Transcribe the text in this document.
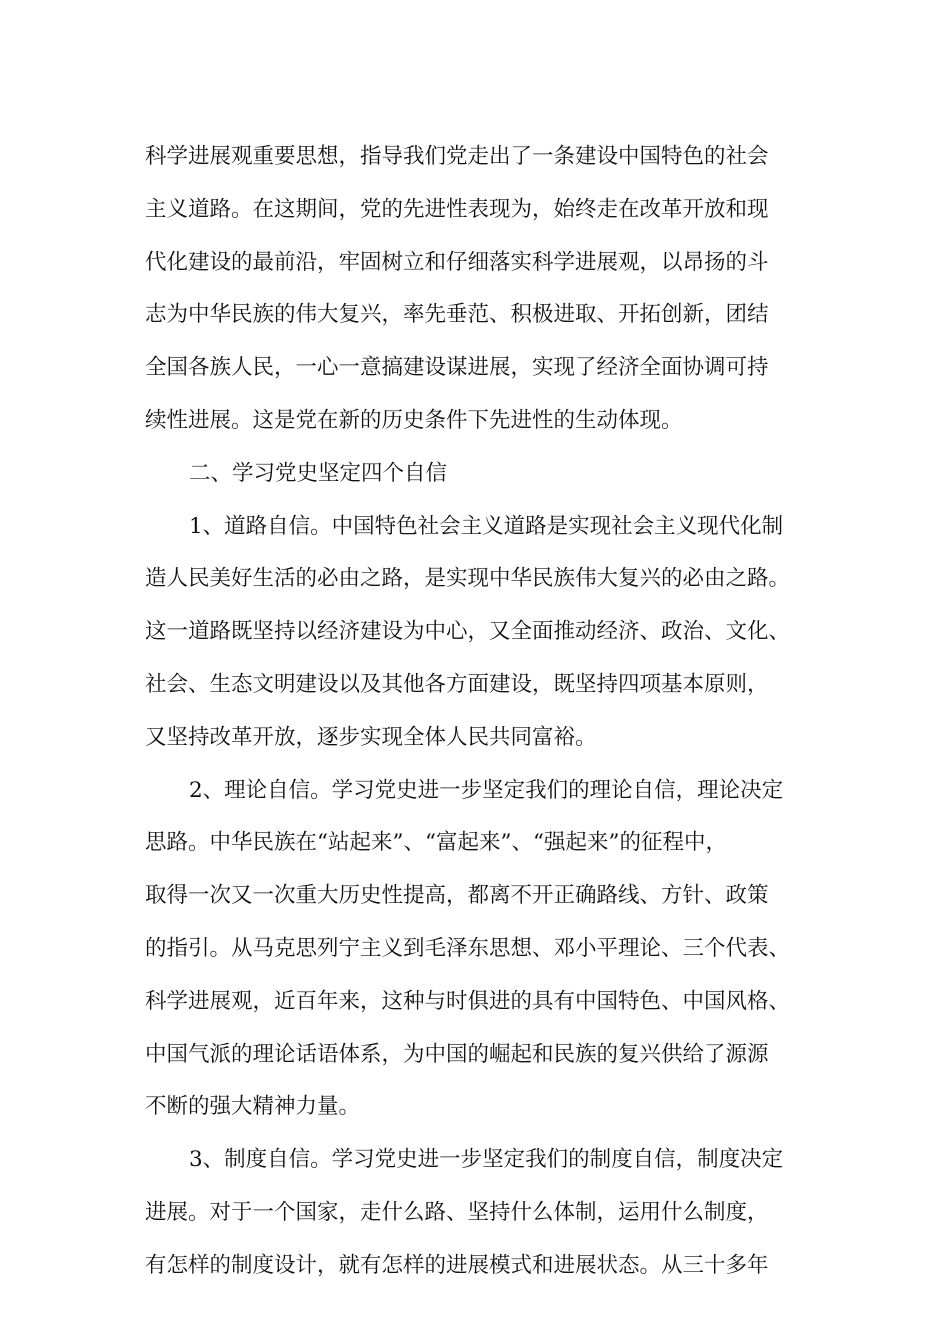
科学进展观重要思想，指导我们党走出了一条建设中国特色的社会
主义道路。在这期间，党的先进性表现为，始终走在改革开放和现
代化建设的最前沿，牢固树立和仔细落实科学进展观，以昂扬的斗
志为中华民族的伟大复兴，率先垂范、积极进取、开拓创新，团结
全国各族人民，一心一意搞建设谋进展，实现了经济全面协调可持
续性进展。这是党在新的历史条件下先进性的生动体现。
二、学习党史坚定四个自信
1、道路自信。中国特色社会主义道路是实现社会主义现代化制
造人民美好生活的必由之路，是实现中华民族伟大复兴的必由之路。
这一道路既坚持以经济建设为中心，又全面推动经济、政治、文化、
社会、生态文明建设以及其他各方面建设，既坚持四项基本原则，
又坚持改革开放，逐步实现全体人民共同富裕。
2、理论自信。学习党史进一步坚定我们的理论自信，理论决定
思路。中华民族在“站起来”、“富起来”、“强起来”的征程中，
取得一次又一次重大历史性提高，都离不开正确路线、方针、政策
的指引。从马克思列宁主义到毛泽东思想、邓小平理论、三个代表、
科学进展观，近百年来，这种与时俱进的具有中国特色、中国风格、
中国气派的理论话语体系，为中国的崛起和民族的复兴供给了源源
不断的强大精神力量。
3、制度自信。学习党史进一步坚定我们的制度自信，制度决定
进展。对于一个国家，走什么路、坚持什么体制，运用什么制度，
有怎样的制度设计，就有怎样的进展模式和进展状态。从三十多年
